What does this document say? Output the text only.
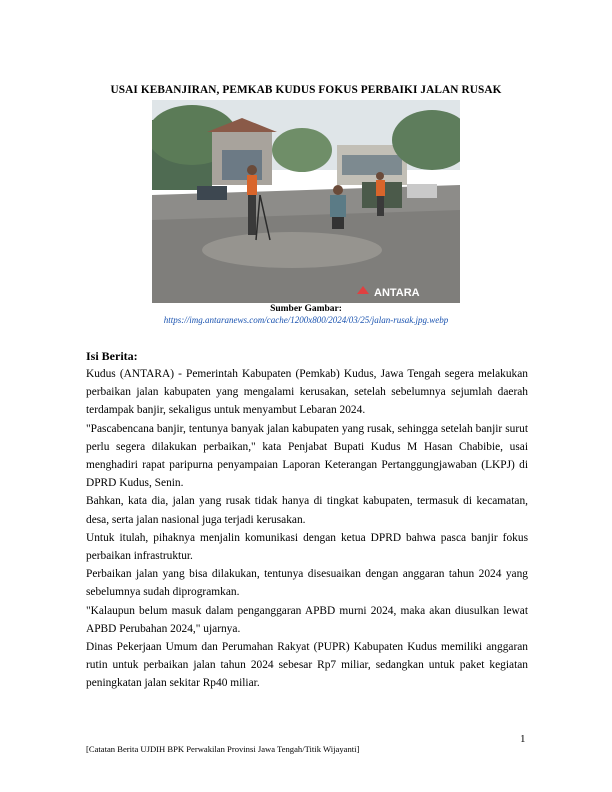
USAI KEBANJIRAN, PEMKAB KUDUS FOKUS PERBAIKI JALAN RUSAK
ANTARA
Sumber Gambar:
https://img.antaranews.com/cache/1200x800/2024/03/25/jalan-rusak.jpg.webp
Isi Berita:

Kudus (ANTARA) - Pemerintah Kabupaten (Pemkab) Kudus, Jawa Tengah segera melakukan perbaikan jalan kabupaten yang mengalami kerusakan, setelah sebelumnya sejumlah daerah terdampak banjir, sekaligus untuk menyambut Lebaran 2024.

"Pascabencana banjir, tentunya banyak jalan kabupaten yang rusak, sehingga setelah banjir surut perlu segera dilakukan perbaikan," kata Penjabat Bupati Kudus M Hasan Chabibie, usai menghadiri rapat paripurna penyampaian Laporan Keterangan Pertanggungjawaban (LKPJ) di DPRD Kudus, Senin.

Bahkan, kata dia, jalan yang rusak tidak hanya di tingkat kabupaten, termasuk di kecamatan, desa, serta jalan nasional juga terjadi kerusakan.

Untuk itulah, pihaknya menjalin komunikasi dengan ketua DPRD bahwa pasca banjir fokus perbaikan infrastruktur.

Perbaikan jalan yang bisa dilakukan, tentunya disesuaikan dengan anggaran tahun 2024 yang sebelumnya sudah diprogramkan.

"Kalaupun belum masuk dalam penganggaran APBD murni 2024, maka akan diusulkan lewat APBD Perubahan 2024," ujarnya.

Dinas Pekerjaan Umum dan Perumahan Rakyat (PUPR) Kabupaten Kudus memiliki anggaran rutin untuk perbaikan jalan tahun 2024 sebesar Rp7 miliar, sedangkan untuk paket kegiatan peningkatan jalan sekitar Rp40 miliar.

1
[Catatan Berita UJDIH BPK Perwakilan Provinsi Jawa Tengah/Titik Wijayanti]
